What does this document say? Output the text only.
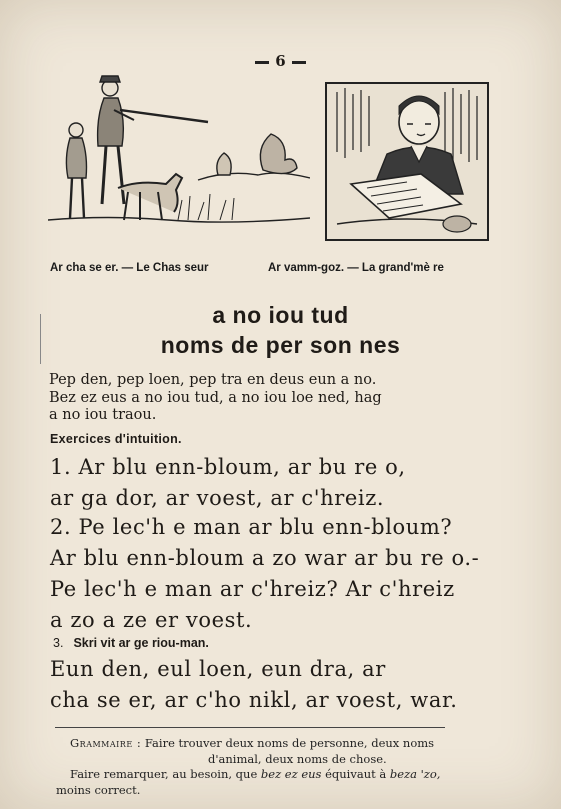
6
Ar cha se er. — Le Chas seur	Ar vamm-goz. — La grand'mè re
a no iou tud
noms de per son nes
Pep den, pep loen, pep tra en deus eun a no.
Bez ez eus a no iou tud, a no iou loe ned, hag
a no iou traou.
Exercices d'intuition.
1. Ar blu enn-bloum, ar bu re o,
ar ga dor, ar voest, ar c'hreiz.
2. Pe lec'h e man ar blu enn-bloum?
Ar blu enn-bloum a zo war ar bu re o.-
Pe lec'h e man ar c'hreiz? Ar c'hreiz
a zo a ze er voest.
3. Skri vit ar ge riou-man.
Eun den, eul loen, eun dra, ar
cha se er, ar c'ho nikl, ar voest, war.
Grammaire : Faire trouver deux noms de personne, deux noms
d'animal, deux noms de chose.
Faire remarquer, au besoin, que bez ez eus équivaut à beza 'zo,
moins correct.
